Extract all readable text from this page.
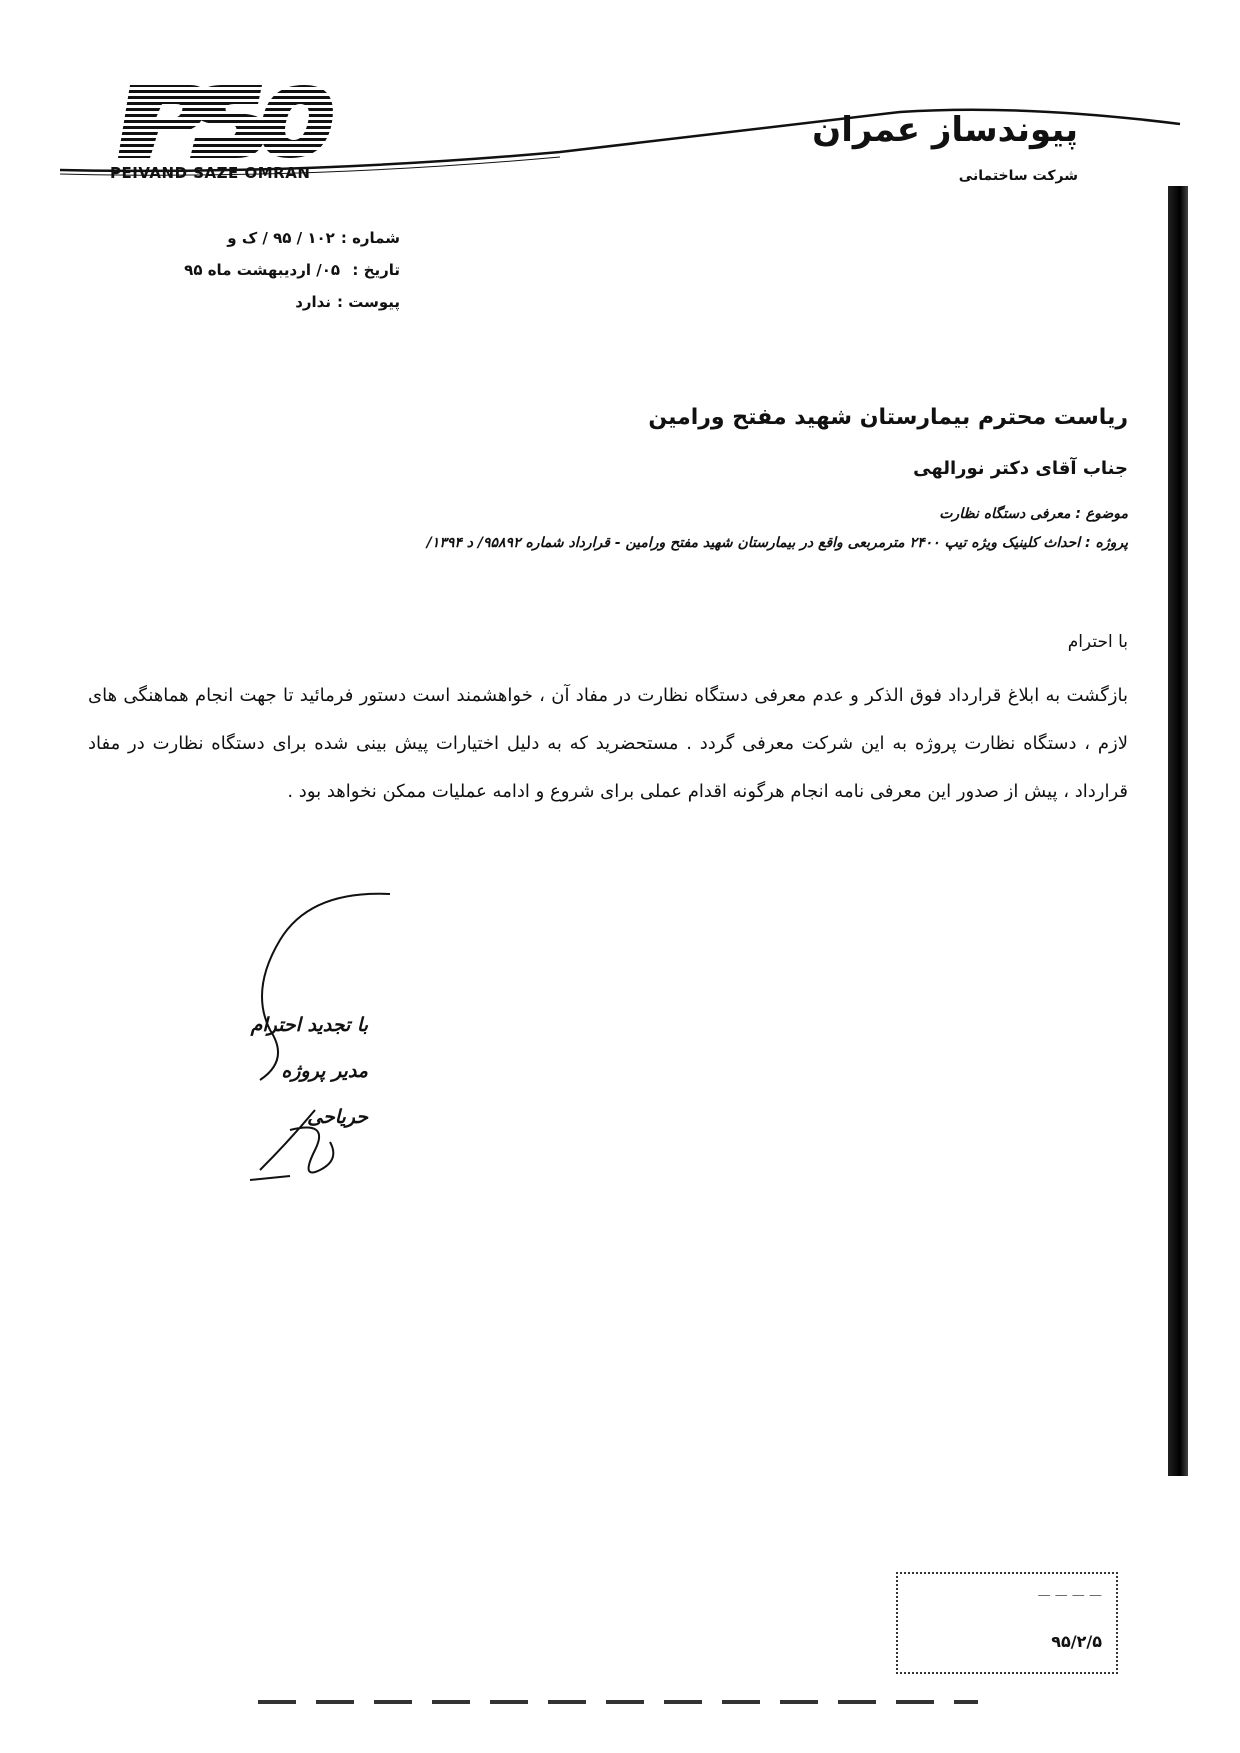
PEIVAND SAZE OMRAN
پیوندساز عمران
شرکت ساختمانی
شماره :
۱۰۲ / ۹۵ / ک و
تاریخ :
۰۵/ اردیبهشت ماه ۹۵
پیوست :
ندارد
ریاست محترم بیمارستان شهید مفتح ورامین
جناب آقای دکتر نورالهی
موضوع : معرفی دستگاه نظارت
پروژه : احداث کلینیک ویژه تیپ ۲۴۰۰ مترمربعی واقع در بیمارستان شهید مفتح ورامین - قرارداد شماره ۹۵۸۹۲/ د ۱۳۹۴/
با احترام
بازگشت به ابلاغ قرارداد فوق الذکر و عدم معرفی دستگاه نظارت در مفاد آن ، خواهشمند است دستور فرمائید تا جهت انجام هماهنگی های لازم ، دستگاه نظارت پروژه به این شرکت معرفی گردد . مستحضرید که به دلیل اختیارات پیش بینی شده برای دستگاه نظارت در مفاد قرارداد ، پیش از صدور این معرفی نامه انجام هرگونه اقدام عملی برای شروع و ادامه عملیات ممکن نخواهد بود .
با تجدید احترام
مدیر پروژه
حریاحی
— — — —
۹۵/۲/۵
